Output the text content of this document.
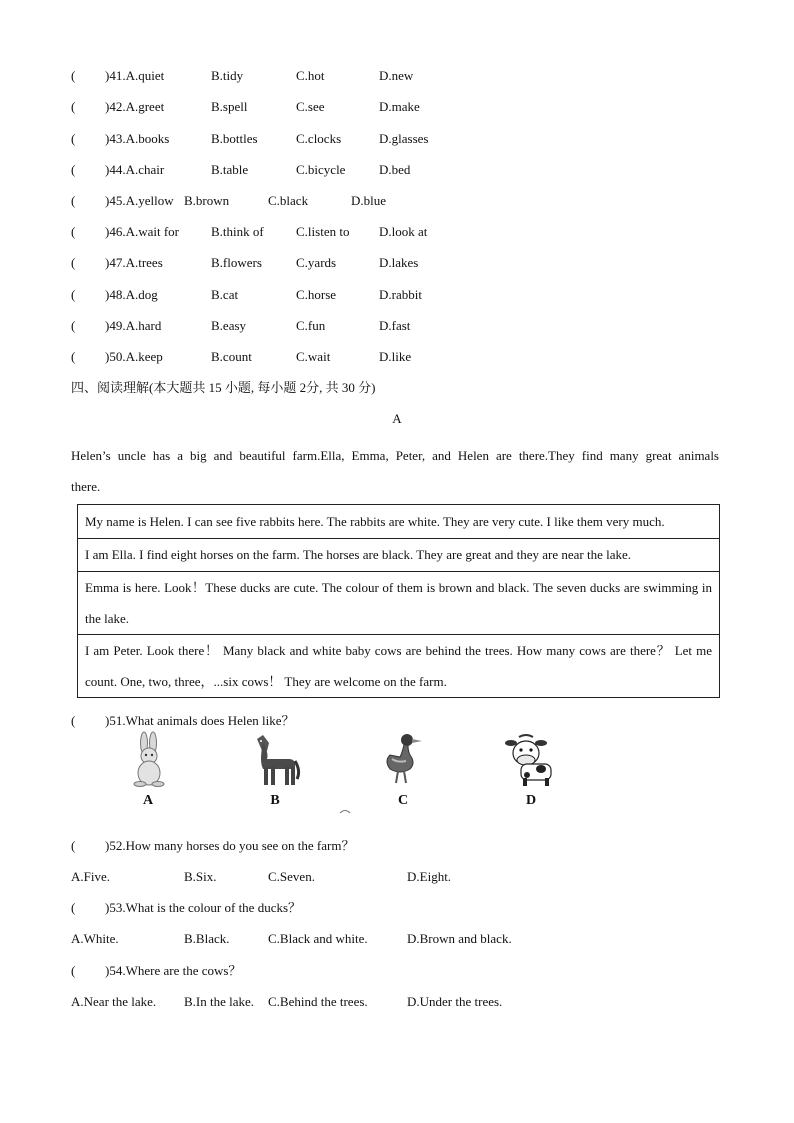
( )41.A.quiet	B.tidy	C.hot	D.new
( )42.A.greet	B.spell	C.see	D.make
( )43.A.books	B.bottles	C.clocks	D.glasses
( )44.A.chair	B.table	C.bicycle	D.bed
( )45.A.yellow B.brown	C.black	D.blue
( )46.A.wait for B.think of C.listen to D.look at
( )47.A.trees	B.flowers	C.yards	D.lakes
( )48.A.dog	B.cat	C.horse	D.rabbit
( )49.A.hard	B.easy	C.fun	D.fast
( )50.A.keep	B.count	C.wait	D.like
四、阅读理解(本大题共 15 小题, 每小题 2分, 共 30 分)
A
Helen’s uncle has a big and beautiful farm.Ella, Emma, Peter, and Helen are there.They find many great animals
there.
My name is Helen. I can see five rabbits here. The rabbits are white. They are very cute. I like them very much.
I am Ella. I find eight horses on the farm. The horses are black. They are great and they are near the lake.
Emma is here. Look！These ducks are cute. The colour of them is brown and black. The seven ducks are swimming in the lake.
I am Peter. Look there！ Many black and white baby cows are behind the trees. How many cows are there？ Let me count. One, two, three，...six cows！ They are welcome on the farm.
( )51.What animals does Helen like？
A	B	C	D
( )52.How many horses do you see on the farm？
A.Five.	B.Six.	C.Seven.	D.Eight.
( )53.What is the colour of the ducks？
A.White.	B.Black.	C.Black and white.	D.Brown and black.
( )54.Where are the cows？
A.Near the lake. B.In the lake. C.Behind the trees.	D.Under the trees.
